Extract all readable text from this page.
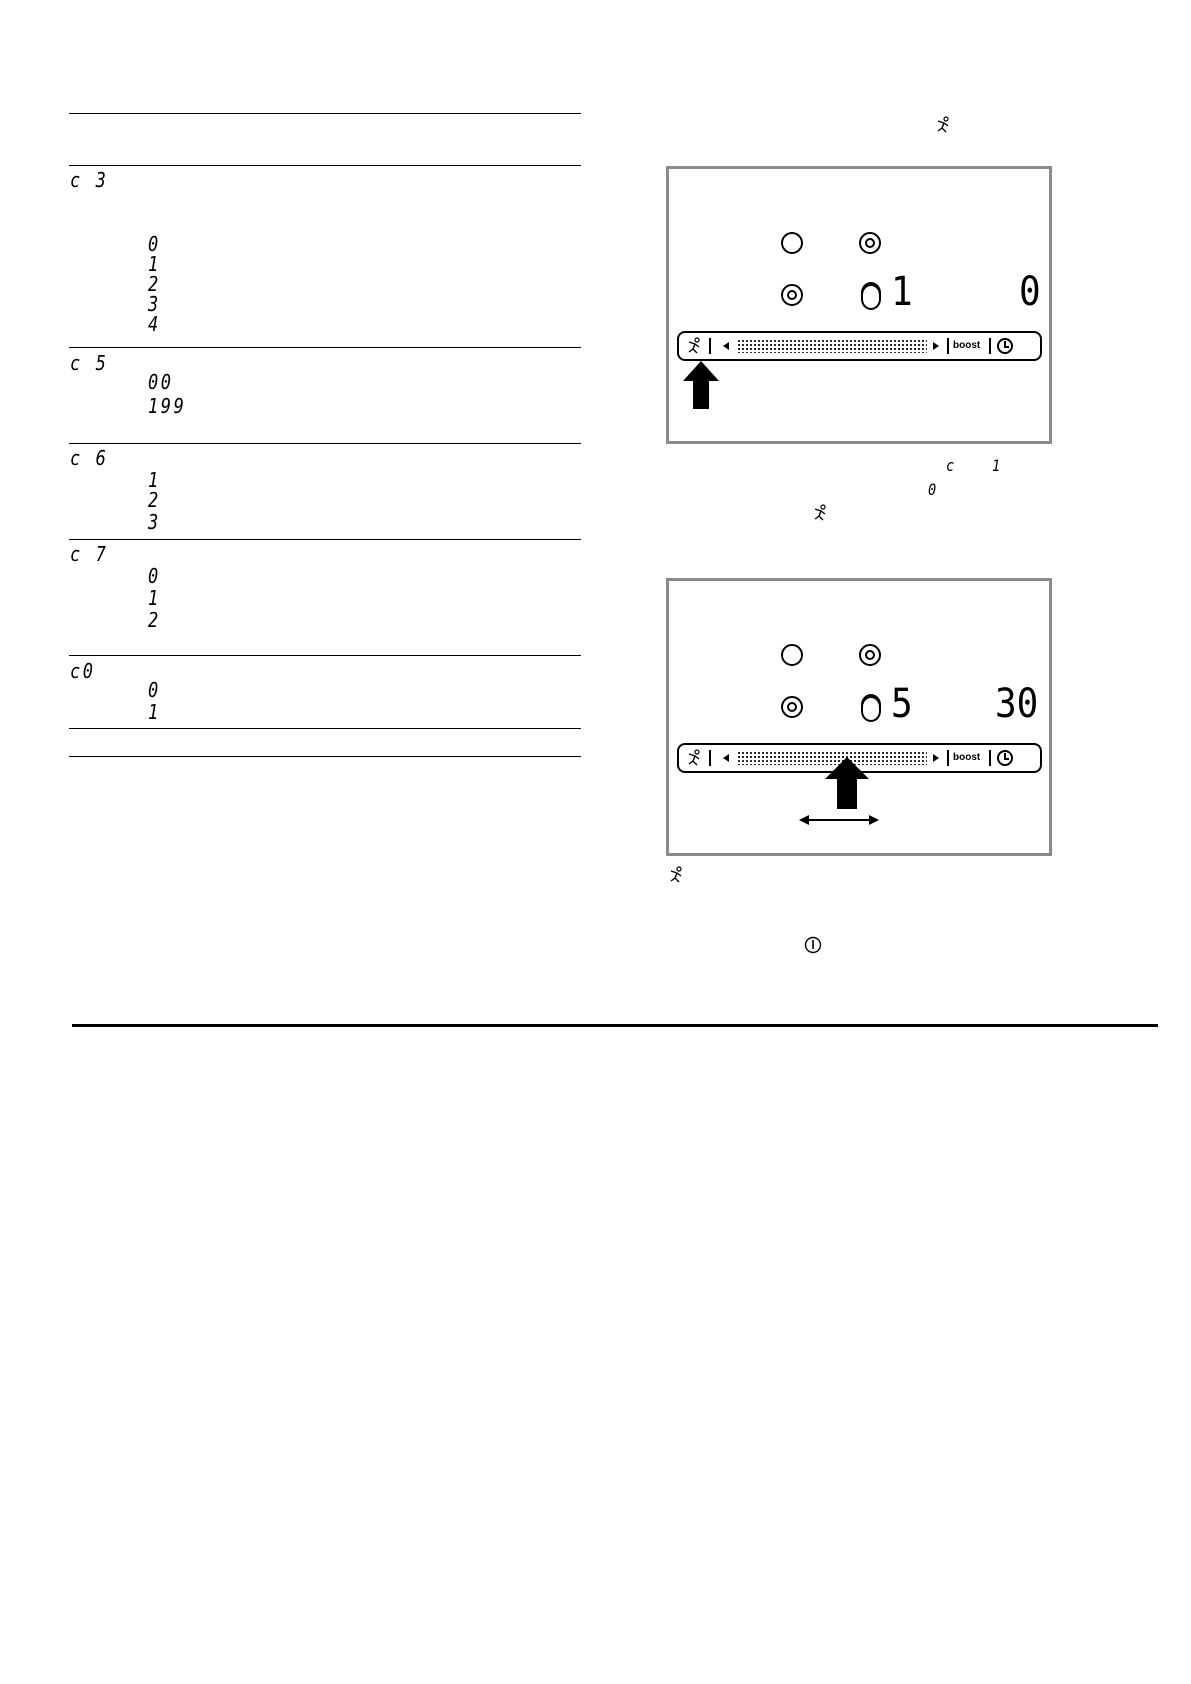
c 3
0
1
2
3
4
c 5
00
199
c 6
1
2
3
c 7
0
1
2
c0
0
1
1	0
boost
c 1
0
5 30
boost
